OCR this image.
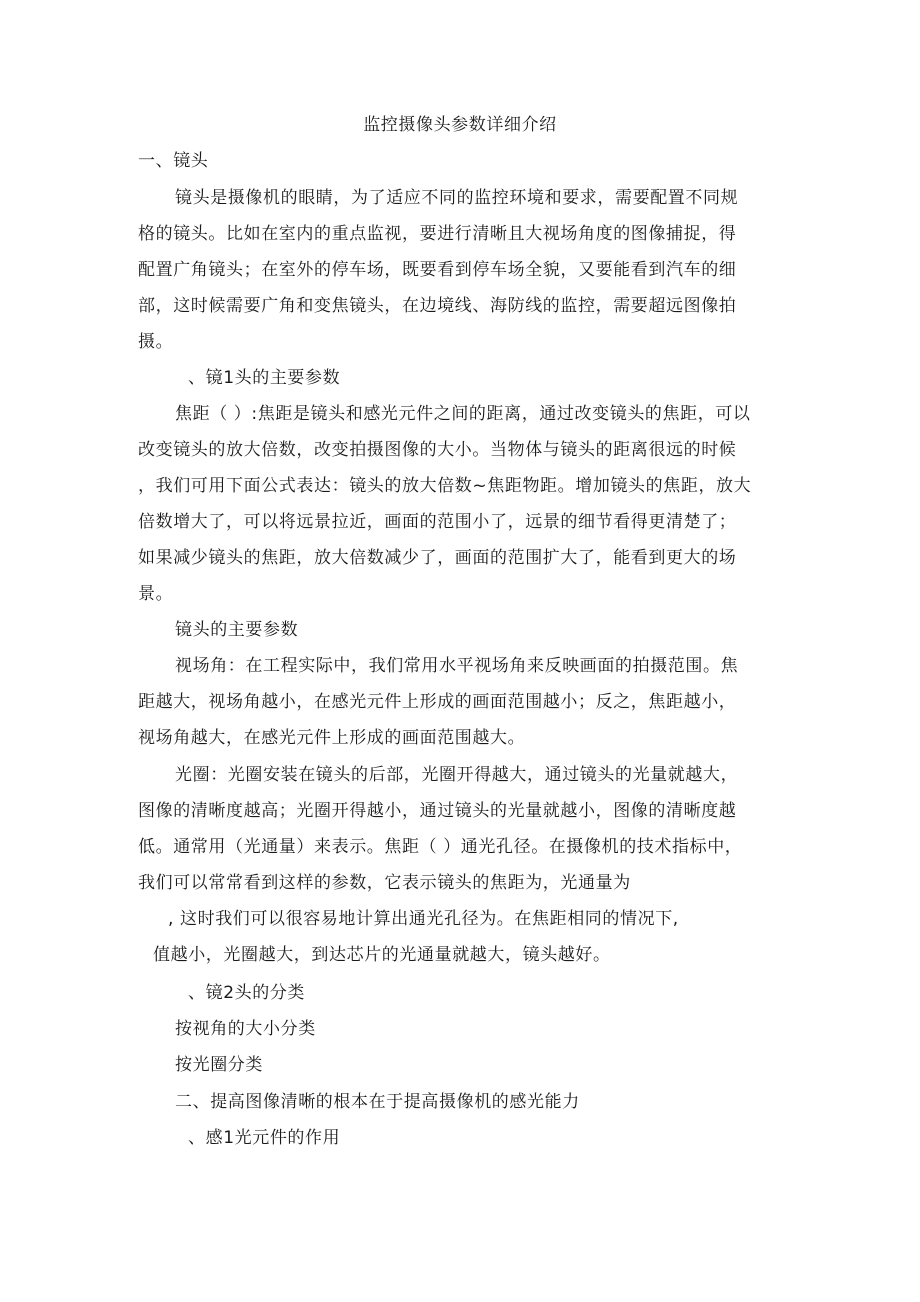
监控摄像头参数详细介绍
一、镜头
镜头是摄像机的眼睛，为了适应不同的监控环境和要求，需要配置不同规
格的镜头。比如在室内的重点监视，要进行清晰且大视场角度的图像捕捉，得
配置广角镜头；在室外的停车场，既要看到停车场全貌，又要能看到汽车的细
部，这时候需要广角和变焦镜头，在边境线、海防线的监控，需要超远图像拍
摄。
、镜1头的主要参数
焦距（ ）:焦距是镜头和感光元件之间的距离，通过改变镜头的焦距，可以
改变镜头的放大倍数，改变拍摄图像的大小。当物体与镜头的距离很远的时候
，我们可用下面公式表达：镜头的放大倍数~焦距物距。增加镜头的焦距，放大
倍数增大了，可以将远景拉近，画面的范围小了，远景的细节看得更清楚了；
如果减少镜头的焦距，放大倍数减少了，画面的范围扩大了，能看到更大的场
景。
镜头的主要参数
视场角：在工程实际中，我们常用水平视场角来反映画面的拍摄范围。焦
距越大，视场角越小，在感光元件上形成的画面范围越小；反之，焦距越小，
视场角越大，在感光元件上形成的画面范围越大。
光圈：光圈安装在镜头的后部，光圈开得越大，通过镜头的光量就越大，
图像的清晰度越高；光圈开得越小，通过镜头的光量就越小，图像的清晰度越
低。通常用（光通量）来表示。焦距（ ）通光孔径。在摄像机的技术指标中，
我们可以常常看到这样的参数，它表示镜头的焦距为，光通量为
, 这时我们可以很容易地计算出通光孔径为。在焦距相同的情况下,
值越小，光圈越大，到达芯片的光通量就越大，镜头越好。
、镜2头的分类
按视角的大小分类
按光圈分类
二、提高图像清晰的根本在于提高摄像机的感光能力
、感1光元件的作用
